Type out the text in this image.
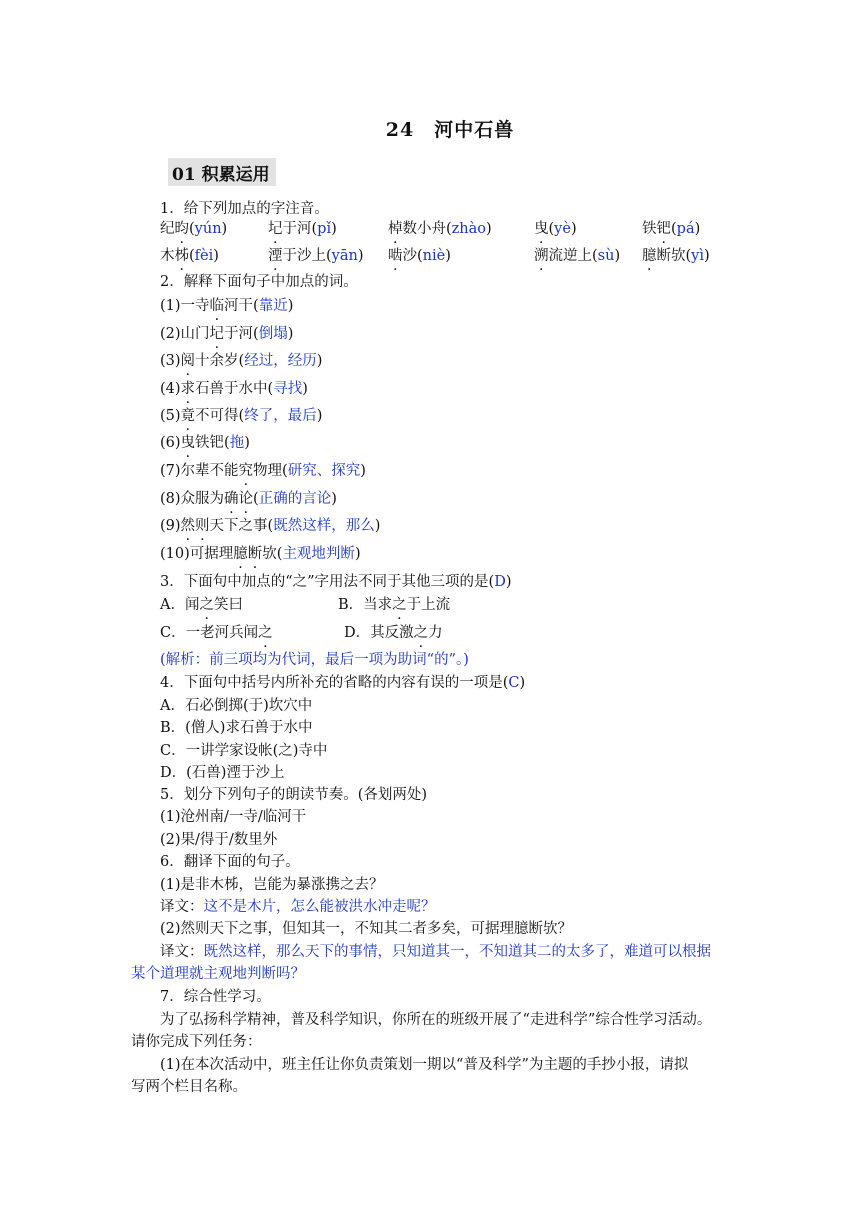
24　河中石兽
01 积累运用
1．给下列加点的字注音。
纪昀(yún)	圮于河(pǐ)	棹数小舟(zhào)	曳(yè)	铁钯(pá)
木柹(fèi)	湮于沙上(yān) 啮沙(niè)	溯流逆上(sù) 臆断欤(yì)
2．解释下面句子中加点的词。
(1)一寺临河干(靠近)
(2)山门圮于河(倒塌)
(3)阅十余岁(经过，经历)
(4)求石兽于水中(寻找)
(5)竟不可得(终了，最后)
(6)曳铁钯(拖)
(7)尔辈不能究物理(研究、探究)
(8)众服为确论(正确的言论)
(9)然则天下之事(既然这样，那么)
(10)可据理臆断欤(主观地判断)
3．下面句中加点的“之”字用法不同于其他三项的是(D)
A．闻之笑曰	B．当求之于上流
C．一老河兵闻之	D．其反激之力
(解析：前三项均为代词，最后一项为助词“的”。)
4．下面句中括号内所补充的省略的内容有误的一项是(C)
A．石必倒掷(于)坎穴中
B．(僧人)求石兽于水中
C．一讲学家设帐(之)寺中
D．(石兽)湮于沙上
5．划分下列句子的朗读节奏。(各划两处)
(1)沧州南/一寺/临河干
(2)果/得于/数里外
6．翻译下面的句子。
(1)是非木柹，岂能为暴涨携之去？
译文：这不是木片，怎么能被洪水冲走呢？
(2)然则天下之事，但知其一，不知其二者多矣，可据理臆断欤？
译文：既然这样，那么天下的事情，只知道其一，不知道其二的太多了，难道可以根据
某个道理就主观地判断吗？
7．综合性学习。
为了弘扬科学精神，普及科学知识，你所在的班级开展了“走进科学”综合性学习活动。
请你完成下列任务：
(1)在本次活动中，班主任让你负责策划一期以“普及科学”为主题的手抄小报，请拟
写两个栏目名称。
